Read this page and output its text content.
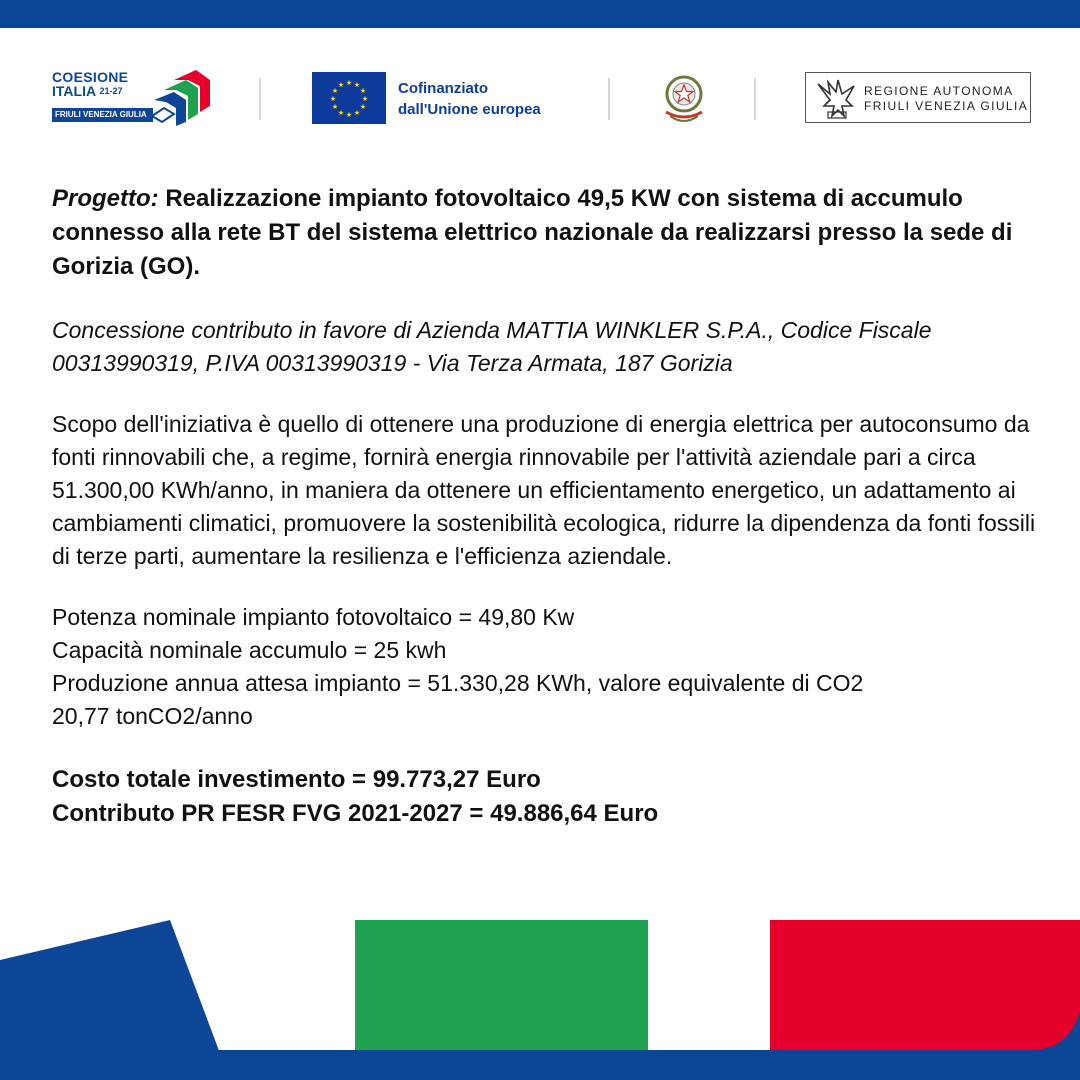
COESIONE
ITALIA $^{21-27}$
FRIULI VENEZIA GIULIA
★ ★
★
★
★
★
★
★
★
★
★
★	Cofinanziato
dall'Unione europea
REGIONE AUTONOMA
FRIULI VENEZIA GIULIA

Progetto: Realizzazione impianto fotovoltaico 49,5 KW con sistema di accumulo connesso alla rete BT del sistema elettrico nazionale da realizzarsi presso la sede di Gorizia (GO).

Concessione contributo in favore di Azienda MATTIA WINKLER S.P.A., Codice Fiscale 00313990319, P.IVA 00313990319 - Via Terza Armata, 187 Gorizia

Scopo dell'iniziativa è quello di ottenere una produzione di energia elettrica per autoconsumo da fonti rinnovabili che, a regime, fornirà energia rinnovabile per l'attività aziendale pari a circa 51.300,00 KWh/anno, in maniera da ottenere un efficientamento energetico, un adattamento ai cambiamenti climatici, promuovere la sostenibilità ecologica, ridurre la dipendenza da fonti fossili di terze parti, aumentare la resilienza e l'efficienza aziendale.

Potenza nominale impianto fotovoltaico = 49,80 Kw
Capacità nominale accumulo = 25 kwh
Produzione annua attesa impianto = 51.330,28 KWh, valore equivalente di CO2
20,77 tonCO2/anno
Costo totale investimento = 99.773,27 Euro
Contributo PR FESR FVG 2021-2027 = 49.886,64 Euro
